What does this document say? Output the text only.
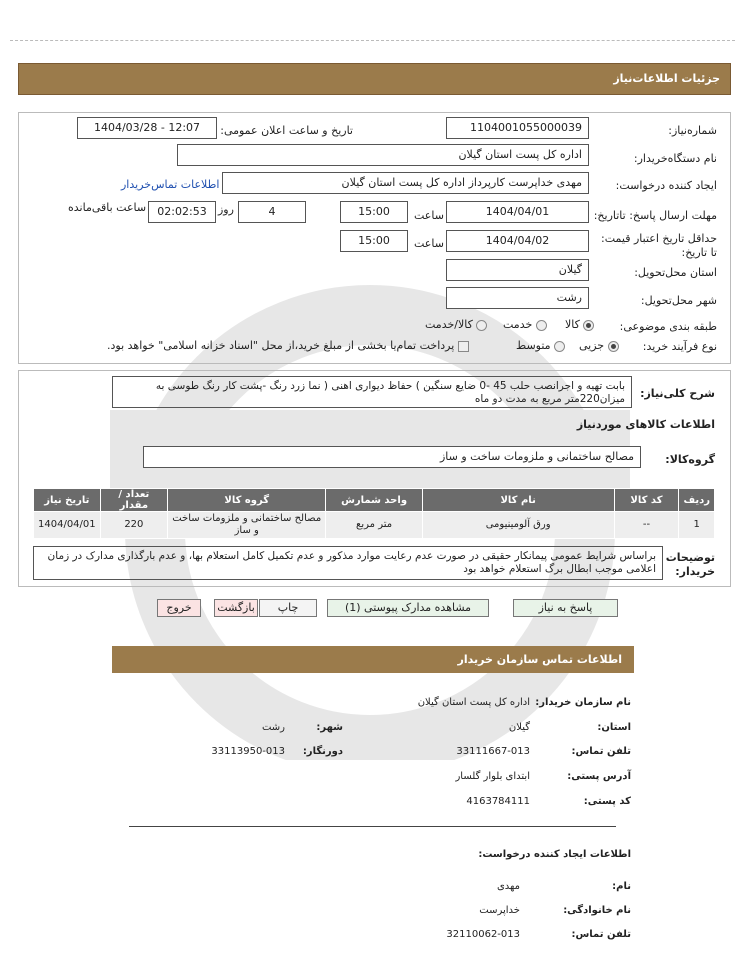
جزئیات اطلاعات‌نیاز
شماره‌نیاز:
1104001055000039
تاریخ و ساعت اعلان عمومی:
1404/03/28 - 12:07
نام دستگاه‌خریدار:
اداره کل پست استان گیلان
ایجاد کننده درخواست:
مهدی خداپرست کارپرداز اداره کل پست استان گیلان
اطلاعات تماس‌خریدار
مهلت ارسال پاسخ: تاتاریخ:
1404/04/01
ساعت
15:00
4
روز
02:02:53
ساعت باقی‌مانده
حداقل تاریخ اعتبار قیمت: تا تاریخ:
1404/04/02
ساعت
15:00
استان محل‌تحویل:
گیلان
شهر محل‌تحویل:
رشت
طبقه بندی موضوعی:
کالا
خدمت
کالا/خدمت
نوع فرآیند خرید:
جزیی
متوسط
پرداخت تمام‌یا بخشی از مبلغ خرید،از محل "اسناد خزانه اسلامی" خواهد بود.
شرح کلی‌نیاز:
بابت تهیه و اجرانصب حلب 45 -0 ضایع سنگین ) حفاظ دیواری اهنی ( نما زرد رنگ -پشت کار رنگ طوسی به میزان220متر مربع به مدت دو ماه
اطلاعات کالاهای موردنیاز
گروه‌کالا:
مصالح ساختمانی و ملزومات ساخت و ساز
ردیف	کد کالا	نام کالا	واحد شمارش	گروه کالا	تعداد / مقدار	تاریخ نیاز
1	--	ورق آلومینیومی	متر مربع	مصالح ساختمانی و ملزومات ساخت و ساز	220	1404/04/01
توضیحات خریدار:
براساس شرایط عمومی پیمانکار حقیقی در صورت عدم رعایت موارد مذکور و عدم تکمیل کامل استعلام بها، و عدم بارگذاری مدارک در زمان اعلامی موجب ابطال برگ استعلام خواهد بود
پاسخ به نیاز
مشاهده مدارک پیوستی (1)
چاپ
بازگشت
خروج
اطلاعات تماس سازمان خریدار
نام سازمان خریدار:
اداره کل پست استان گیلان
استان:
گیلان
شهر:
رشت
تلفن تماس:
33111667-013
دورنگار:
33113950-013
آدرس پستی:
ابتدای بلوار گلسار
کد پستی:
4163784111
اطلاعات ایجاد کننده درخواست:
نام:
مهدی
نام خانوادگی:
خداپرست
تلفن تماس:
32110062-013
